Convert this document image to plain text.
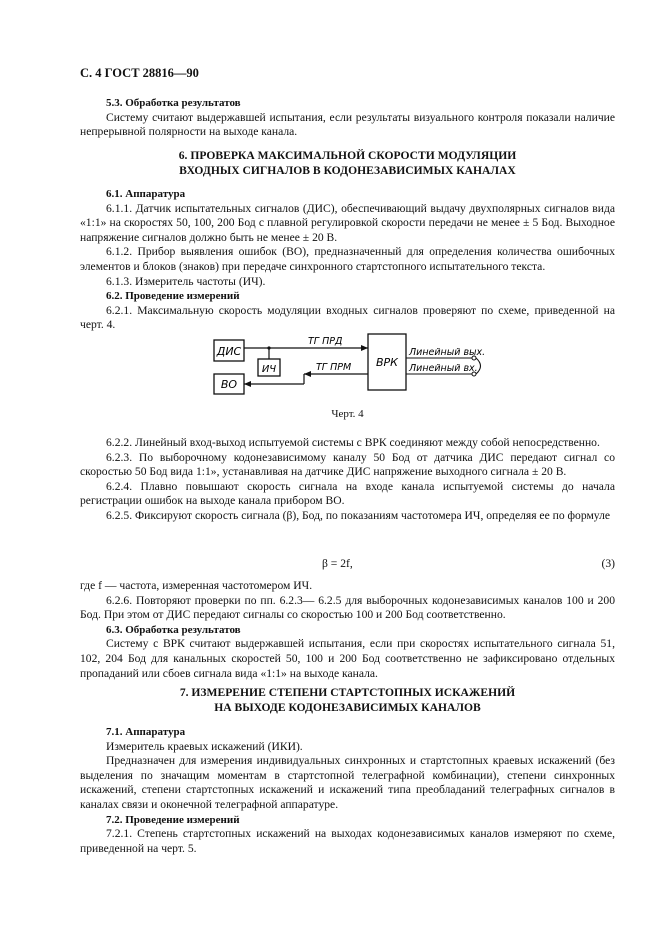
С. 4 ГОСТ 28816—90

5.3. Обработка результатов

Систему считают выдержавшей испытания, если результаты визуального контроля показали наличие непрерывной полярности на выходе канала.

6. ПРОВЕРКА МАКСИМАЛЬНОЙ СКОРОСТИ МОДУЛЯЦИИ
ВХОДНЫХ СИГНАЛОВ В КОДОНЕЗАВИСИМЫХ КАНАЛАХ

6.1. Аппаратура

6.1.1. Датчик испытательных сигналов (ДИС), обеспечивающий выдачу двухполярных сигналов вида «1:1» на скоростях 50, 100, 200 Бод с плавной регулировкой скорости передачи не менее ± 5 Бод. Выходное напряжение сигналов должно быть не менее ± 20 В.

6.1.2. Прибор выявления ошибок (ВО), предназначенный для определения количества ошибочных элементов и блоков (знаков) при передаче синхронного стартстопного испытательного текста.

6.1.3. Измеритель частоты (ИЧ).

6.2. Проведение измерений

6.2.1. Максимальную скорость модуляции входных сигналов проверяют по схеме, приведенной на черт. 4.

ДИС
ИЧ
ВО
ВРК
ТГ ПРД
ТГ ПРМ
Линейный вых.
Линейный вх.
Черт. 4

6.2.2. Линейный вход-выход испытуемой системы с ВРК соединяют между собой непосредственно.

6.2.3. По выборочному кодонезависимому каналу 50 Бод от датчика ДИС передают сигнал со скоростью 50 Бод вида 1:1», устанавливая на датчике ДИС напряжение выходного сигнала ± 20 В.

6.2.4. Плавно повышают скорость сигнала на входе канала испытуемой системы до начала регистрации ошибок на выходе канала прибором ВО.

6.2.5. Фиксируют скорость сигнала (β), Бод, по показаниям частотомера ИЧ, определяя ее по формуле

β = 2f,	(3)

где f — частота, измеренная частотомером ИЧ.

6.2.6. Повторяют проверки по пп. 6.2.3— 6.2.5 для выборочных кодонезависимых каналов 100 и 200 Бод. При этом от ДИС передают сигналы со скоростью 100 и 200 Бод соответственно.

6.3. Обработка результатов

Систему с ВРК считают выдержавшей испытания, если при скоростях испытательного сигнала 51, 102, 204 Бод для канальных скоростей 50, 100 и 200 Бод соответственно не зафиксировано отдельных пропаданий или сбоев сигнала вида «1:1» на выходе канала.

7. ИЗМЕРЕНИЕ СТЕПЕНИ СТАРТСТОПНЫХ ИСКАЖЕНИЙ
НА ВЫХОДЕ КОДОНЕЗАВИСИМЫХ КАНАЛОВ

7.1. Аппаратура

Измеритель краевых искажений (ИКИ).

Предназначен для измерения индивидуальных синхронных и стартстопных краевых искажений (без выделения по значащим моментам в стартстопной телеграфной комбинации), степени синхронных искажений, степени стартстопных искажений и искажений типа преобладаний телеграфных сигналов в каналах связи и оконечной телеграфной аппаратуре.

7.2. Проведение измерений

7.2.1. Степень стартстопных искажений на выходах кодонезависимых каналов измеряют по схеме, приведенной на черт. 5.
